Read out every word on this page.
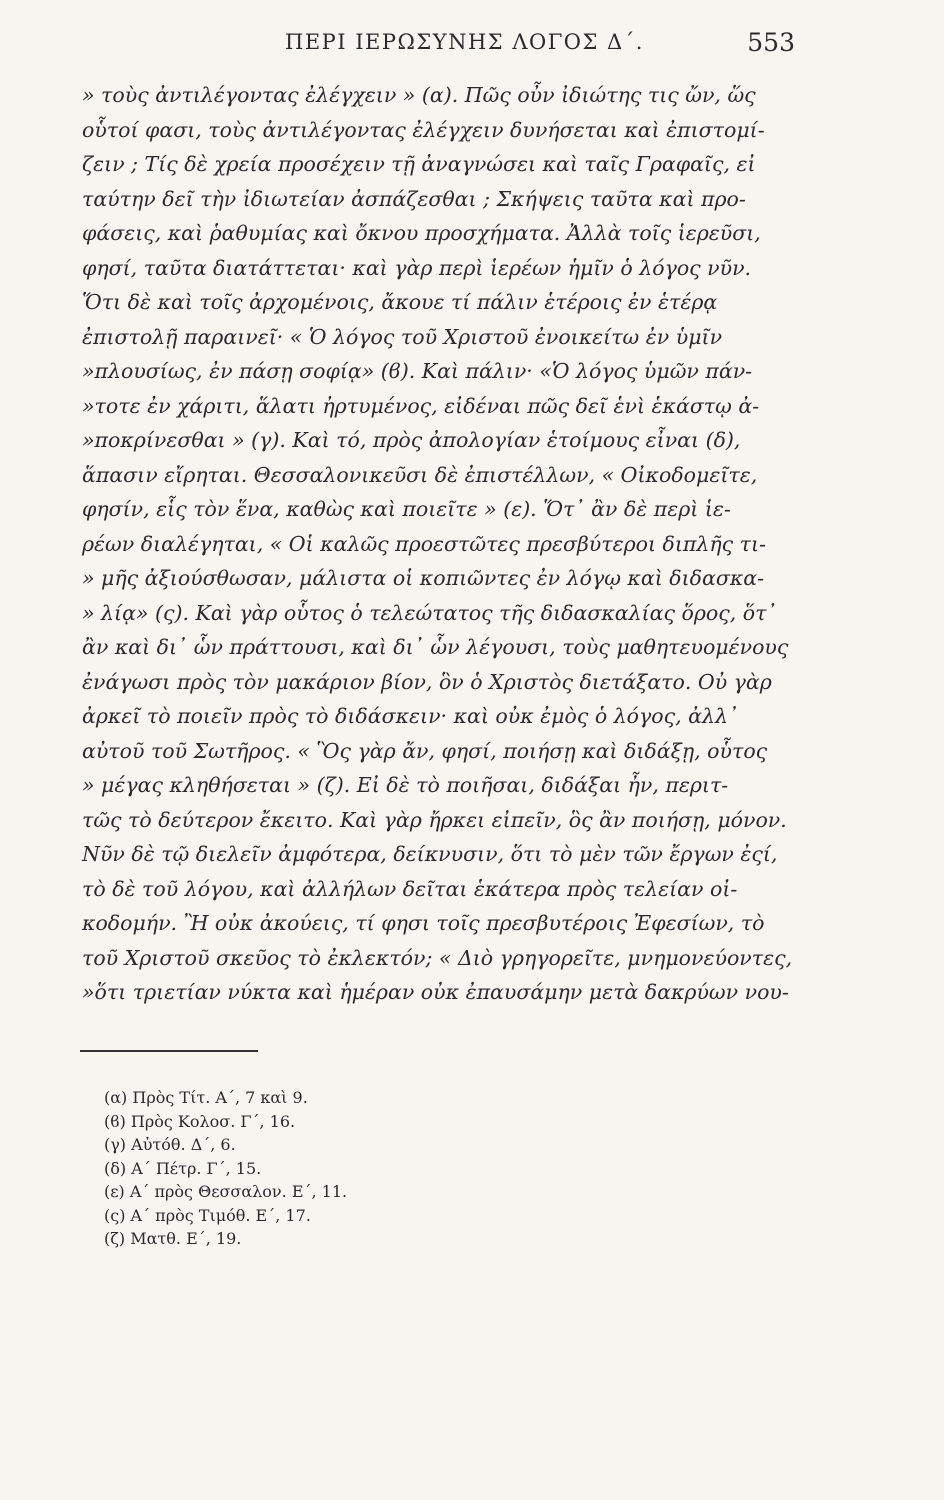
ΠΕΡΙ ΙΕΡΩΣΥΝΗΣ ΛΟΓΟΣ Δ΄.	553
» τοὺς ἀντιλέγοντας ἐλέγχειν » (α). Πῶς οὖν ἰδιώτης τις ὤν, ὥς
οὗτοί φασι, τοὺς ἀντιλέγοντας ἐλέγχειν δυνήσεται καὶ ἐπιστομί-
ζειν ; Τίς δὲ χρεία προσέχειν τῇ ἀναγνώσει καὶ ταῖς Γραφαῖς, εἰ
ταύτην δεῖ τὴν ἰδιωτείαν ἀσπάζεσθαι ; Σκήψεις ταῦτα καὶ προ-
φάσεις, καὶ ῥαθυμίας καὶ ὄκνου προσχήματα. Ἀλλὰ τοῖς ἱερεῦσι,
φησί, ταῦτα διατάττεται· καὶ γὰρ περὶ ἱερέων ἡμῖν ὁ λόγος νῦν.
Ὅτι δὲ καὶ τοῖς ἀρχομένοις, ἄκουε τί πάλιν ἑτέροις ἐν ἑτέρᾳ
ἐπιστολῇ παραινεῖ· « Ὁ λόγος τοῦ Χριστοῦ ἐνοικείτω ἐν ὑμῖν
»πλουσίως, ἐν πάσῃ σοφίᾳ» (ϐ). Καὶ πάλιν· «Ὁ λόγος ὑμῶν πάν-
»τοτε ἐν χάριτι, ἅλατι ἠρτυμένος, εἰδέναι πῶς δεῖ ἑνὶ ἑκάστῳ ἀ-
»ποκρίνεσθαι » (γ). Καὶ τό, πρὸς ἀπολογίαν ἑτοίμους εἶναι (δ),
ἅπασιν εἴρηται. Θεσσαλονικεῦσι δὲ ἐπιστέλλων, « Οἰκοδομεῖτε,
φησίν, εἷς τὸν ἕνα, καθὼς καὶ ποιεῖτε » (ε). Ὅτ᾽ ἂν δὲ περὶ ἱε-
ρέων διαλέγηται, « Οἱ καλῶς προεστῶτες πρεσβύτεροι διπλῆς τι-
» μῆς ἀξιούσθωσαν, μάλιστα οἱ κοπιῶντες ἐν λόγῳ καὶ διδασκα-
» λίᾳ» (ς). Καὶ γὰρ οὗτος ὁ τελεώτατος τῆς διδασκαλίας ὅρος, ὅτ᾽
ἂν καὶ δι᾽ ὧν πράττουσι, καὶ δι᾽ ὧν λέγουσι, τοὺς μαθητευομένους
ἐνάγωσι πρὸς τὸν μακάριον βίον, ὃν ὁ Χριστὸς διετάξατο. Οὐ γὰρ
ἀρκεῖ τὸ ποιεῖν πρὸς τὸ διδάσκειν· καὶ οὐκ ἐμὸς ὁ λόγος, ἀλλ᾽
αὐτοῦ τοῦ Σωτῆρος. « Ὃς γὰρ ἄν, φησί, ποιήσῃ καὶ διδάξῃ, οὗτος
» μέγας κληθήσεται » (ζ). Εἰ δὲ τὸ ποιῆσαι, διδάξαι ἦν, περιτ-
τῶς τὸ δεύτερον ἔκειτο. Καὶ γὰρ ἤρκει εἰπεῖν, ὃς ἂν ποιήσῃ, μόνον.
Νῦν δὲ τῷ διελεῖν ἀμφότερα, δείκνυσιν, ὅτι τὸ μὲν τῶν ἔργων ἐςί,
τὸ δὲ τοῦ λόγου, καὶ ἀλλήλων δεῖται ἑκάτερα πρὸς τελείαν οἰ-
κοδομήν. Ἢ οὐκ ἀκούεις, τί φησι τοῖς πρεσβυτέροις Ἐφεσίων, τὸ
τοῦ Χριστοῦ σκεῦος τὸ ἐκλεκτόν; « Διὸ γρηγορεῖτε, μνημονεύοντες,
»ὅτι τριετίαν νύκτα καὶ ἡμέραν οὐκ ἐπαυσάμην μετὰ δακρύων νου-
(α) Πρὸς Τίτ. Α΄, 7 καὶ 9.
(ϐ) Πρὸς Κολοσ. Γ΄, 16.
(γ) Αὐτόθ. Δ΄, 6.
(δ) Α΄ Πέτρ. Γ΄, 15.
(ε) Α΄ πρὸς Θεσσαλον. Ε΄, 11.
(ς) Α΄ πρὸς Τιμόθ. Ε΄, 17.
(ζ) Ματθ. Ε΄, 19.
